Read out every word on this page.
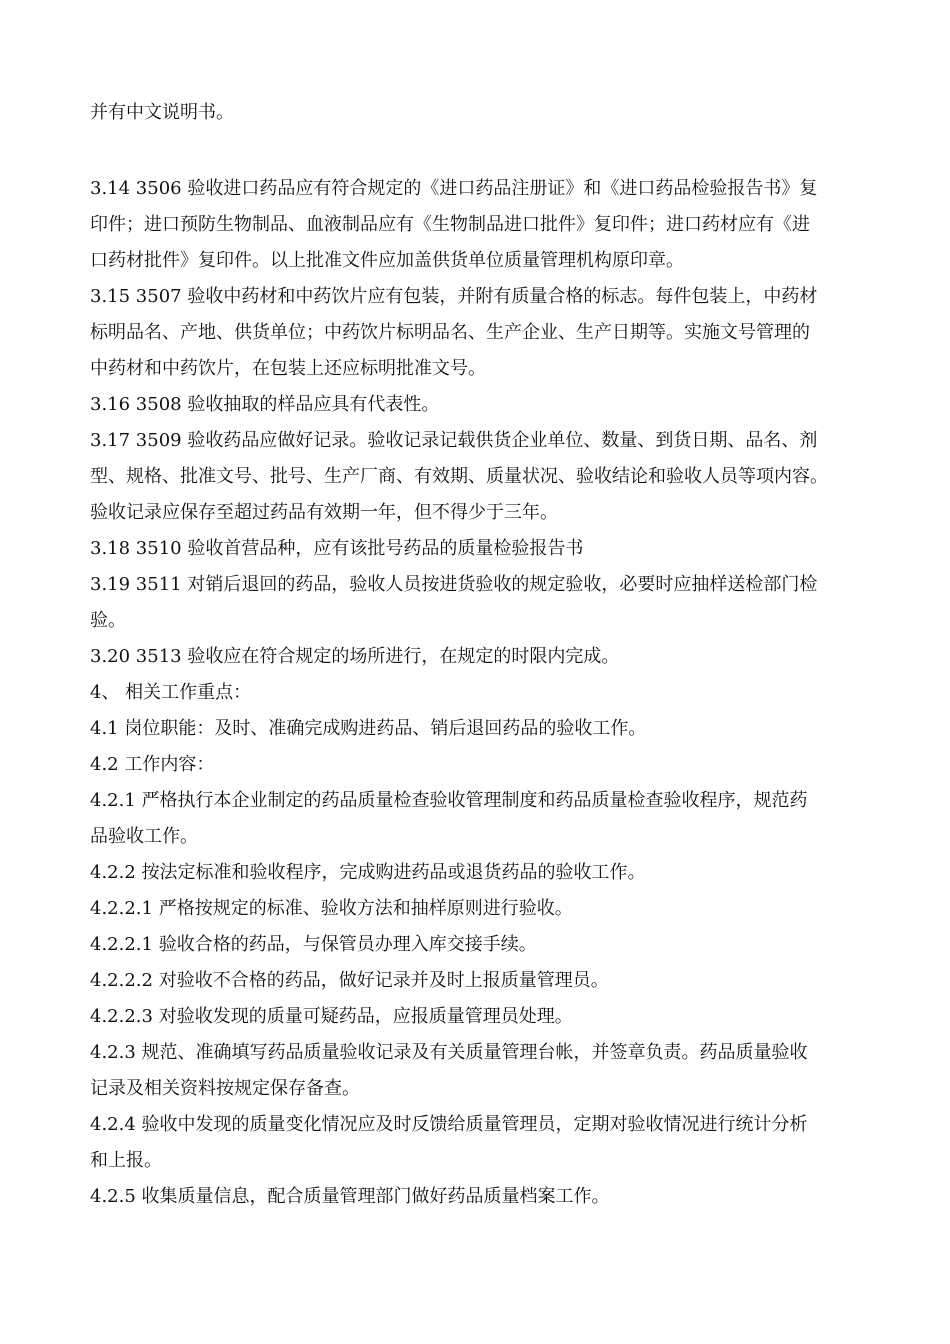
并有中文说明书。
3.14 3506 验收进口药品应有符合规定的《进口药品注册证》和《进口药品检验报告书》复
印件；进口预防生物制品、血液制品应有《生物制品进口批件》复印件；进口药材应有《进
口药材批件》复印件。以上批准文件应加盖供货单位质量管理机构原印章。
3.15 3507 验收中药材和中药饮片应有包装，并附有质量合格的标志。每件包装上，中药材
标明品名、产地、供货单位；中药饮片标明品名、生产企业、生产日期等。实施文号管理的
中药材和中药饮片，在包装上还应标明批准文号。
3.16 3508 验收抽取的样品应具有代表性。
3.17 3509 验收药品应做好记录。验收记录记载供货企业单位、数量、到货日期、品名、剂
型、规格、批准文号、批号、生产厂商、有效期、质量状况、验收结论和验收人员等项内容。
验收记录应保存至超过药品有效期一年，但不得少于三年。
3.18 3510 验收首营品种，应有该批号药品的质量检验报告书
3.19 3511 对销后退回的药品，验收人员按进货验收的规定验收，必要时应抽样送检部门检
验。
3.20 3513 验收应在符合规定的场所进行，在规定的时限内完成。
4、 相关工作重点：
4.1 岗位职能：及时、准确完成购进药品、销后退回药品的验收工作。
4.2 工作内容：
4.2.1 严格执行本企业制定的药品质量检查验收管理制度和药品质量检查验收程序，规范药
品验收工作。
4.2.2 按法定标准和验收程序，完成购进药品或退货药品的验收工作。
4.2.2.1 严格按规定的标准、验收方法和抽样原则进行验收。
4.2.2.1 验收合格的药品，与保管员办理入库交接手续。
4.2.2.2 对验收不合格的药品，做好记录并及时上报质量管理员。
4.2.2.3 对验收发现的质量可疑药品，应报质量管理员处理。
4.2.3 规范、准确填写药品质量验收记录及有关质量管理台帐，并签章负责。药品质量验收
记录及相关资料按规定保存备查。
4.2.4 验收中发现的质量变化情况应及时反馈给质量管理员，定期对验收情况进行统计分析
和上报。
4.2.5 收集质量信息，配合质量管理部门做好药品质量档案工作。
